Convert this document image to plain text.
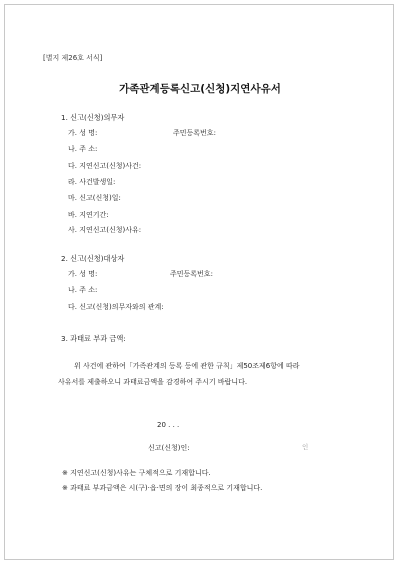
[별지 제26호 서식]
가족관계등록신고(신청)지연사유서
1. 신고(신청)의무자
가. 성 명:	주민등록번호:
나. 주 소:
다. 지연신고(신청)사건:
라. 사건발생일:
마. 신고(신청)일:
바. 지연기간:
사. 지연신고(신청)사유:
2. 신고(신청)대상자
가. 성 명:	주민등록번호:
나. 주 소:
다. 신고(신청)의무자와의 관계:
3. 과태료 부과 금액:
위 사건에 관하여「가족관계의 등록 등에 관한 규칙」제50조제6항에 따라
사유서를 제출하오니 과태료금액을 감경하여 주시기 바랍니다.
20 . . .
신고(신청)인:	인
※ 지연신고(신청)사유는 구체적으로 기재합니다.
※ 과태료 부과금액은 시(구)·읍·면의 장이 최종적으로 기재합니다.
